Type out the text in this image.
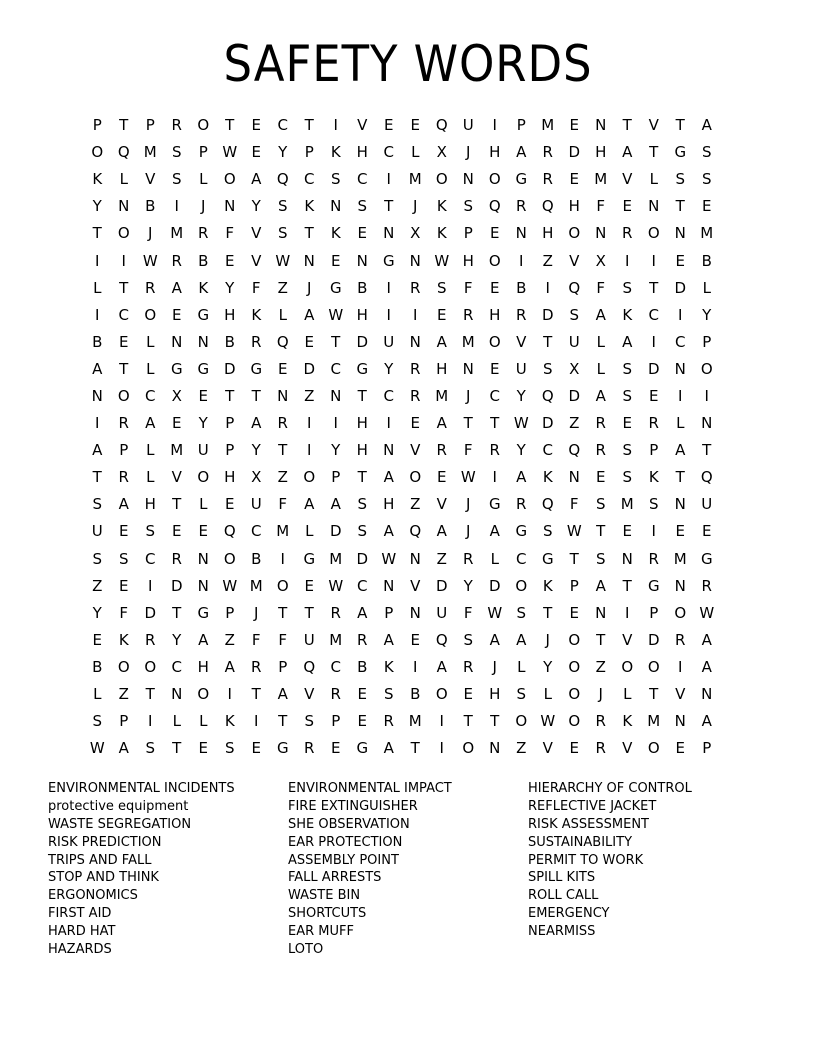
SAFETY WORDS
P	T	P	R	O	T	E	C	T	I	V	E	E	Q	U	I	P	M	E	N	T	V	T	A
O Q M	S	P W E	Y	P	K	H	C	L	X	J	H	A	R	D	H	A	T	G	S
K	L	V	S	L	O	A	Q	C	S	C	I	M O N O G	R	E	M V	L	S	S
Y	N	B	I	J	N	Y	S	K	N	S	T	J	K	S	Q	R	Q H	F	E	N	T	E
T	O	J	M R	F	V	S	T	K	E	N	X	K	P	E	N	H O N	R	O N M
I	I	W R	B	E	V W N	E	N	G	N W H O	I	Z	V	X	I	I	E	B
L	T	R	A	K	Y	F	Z	J	G	B	I	R	S	F	E	B	I	Q	F	S	T	D	L
I	C	O	E	G	H	K	L	A W H	I	I	E	R	H	R	D	S	A	K	C	I	Y
B	E	L	N	N	B	R	Q	E	T	D	U	N	A M O	V	T	U	L	A	I	C	P
A	T	L	G G D G	E	D	C	G	Y	R	H	N	E	U	S	X	L	S	D	N O
N O	C	X	E	T	T	N	Z	N	T	C	R M	J	C	Y	Q D	A	S	E	I	I
I	R	A	E	Y	P	A	R	I	I	H	I	E	A	T	T W D	Z	R	E	R	L	N
A	P	L	M U	P	Y	T	I	Y	H	N	V	R	F	R	Y	C	Q	R	S	P	A	T
T	R	L	V	O H	X	Z	O	P	T	A	O	E W	I	A	K	N	E	S	K	T	Q
S	A	H	T	L	E	U	F	A	A	S	H	Z	V	J	G	R	Q	F	S	M	S	N	U
U	E	S	E	E	Q	C M	L	D	S	A	Q	A	J	A	G	S W T	E	I	E	E
S	S	C	R	N O	B	I	G M D W N	Z	R	L	C	G	T	S	N	R M G
Z	E	I	D	N W M O	E W C	N	V	D	Y	D O	K	P	A	T	G	N	R
Y	F	D	T	G	P	J	T	T	R	A	P	N	U	F W S	T	E	N	I	P	O W
E	K	R	Y	A	Z	F	F	U M R	A	E	Q	S	A	A	J	O	T	V	D	R	A
B	O O	C	H	A	R	P	Q	C	B	K	I	A	R	J	L	Y	O	Z	O O	I	A
L	Z	T	N O	I	T	A	V	R	E	S	B	O	E	H	S	L	O	J	L	T	V	N
S	P	I	L	L	K	I	T	S	P	E	R M	I	T	T	O W O	R	K	M N	A
W A	S	T	E	S	E	G	R	E	G	A	T	I	O N	Z	V	E	R	V	O	E	P
ENVIRONMENTAL INCIDENTS
protective equipment
WASTE SEGREGATION
RISK PREDICTION
TRIPS AND FALL
STOP AND THINK
ERGONOMICS
FIRST AID
HARD HAT
HAZARDS
ENVIRONMENTAL IMPACT
FIRE EXTINGUISHER
SHE OBSERVATION
EAR PROTECTION
ASSEMBLY POINT
FALL ARRESTS
WASTE BIN
SHORTCUTS
EAR MUFF
LOTO
HIERARCHY OF CONTROL
REFLECTIVE JACKET
RISK ASSESSMENT
SUSTAINABILITY
PERMIT TO WORK
SPILL KITS
ROLL CALL
EMERGENCY
NEARMISS
